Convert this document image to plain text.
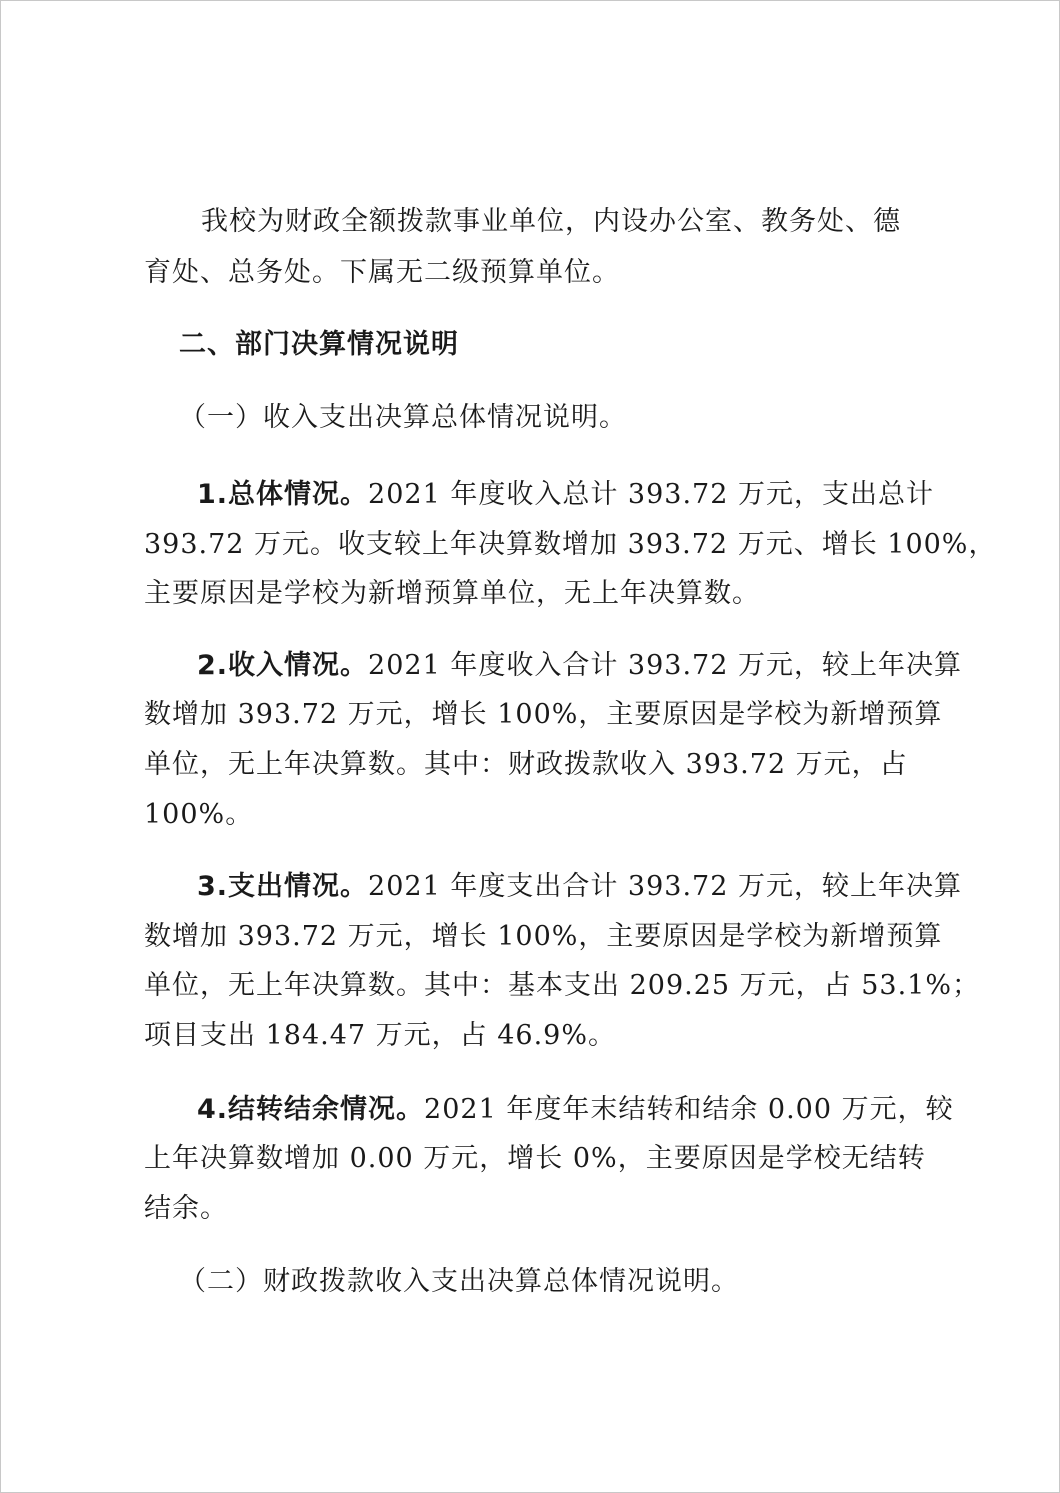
我校为财政全额拨款事业单位，内设办公室、教务处、德
育处、总务处。下属无二级预算单位。
二、部门决算情况说明
（一）收入支出决算总体情况说明。
1.总体情况。2021 年度收入总计 393.72 万元，支出总计
393.72 万元。收支较上年决算数增加 393.72 万元、增长 100%，
主要原因是学校为新增预算单位，无上年决算数。
2.收入情况。2021 年度收入合计 393.72 万元，较上年决算
数增加 393.72 万元，增长 100%，主要原因是学校为新增预算
单位，无上年决算数。其中：财政拨款收入 393.72 万元，占
100%。
3.支出情况。2021 年度支出合计 393.72 万元，较上年决算
数增加 393.72 万元，增长 100%，主要原因是学校为新增预算
单位，无上年决算数。其中：基本支出 209.25 万元，占 53.1%；
项目支出 184.47 万元，占 46.9%。
4.结转结余情况。2021 年度年末结转和结余 0.00 万元，较
上年决算数增加 0.00 万元，增长 0%，主要原因是学校无结转
结余。
（二）财政拨款收入支出决算总体情况说明。
